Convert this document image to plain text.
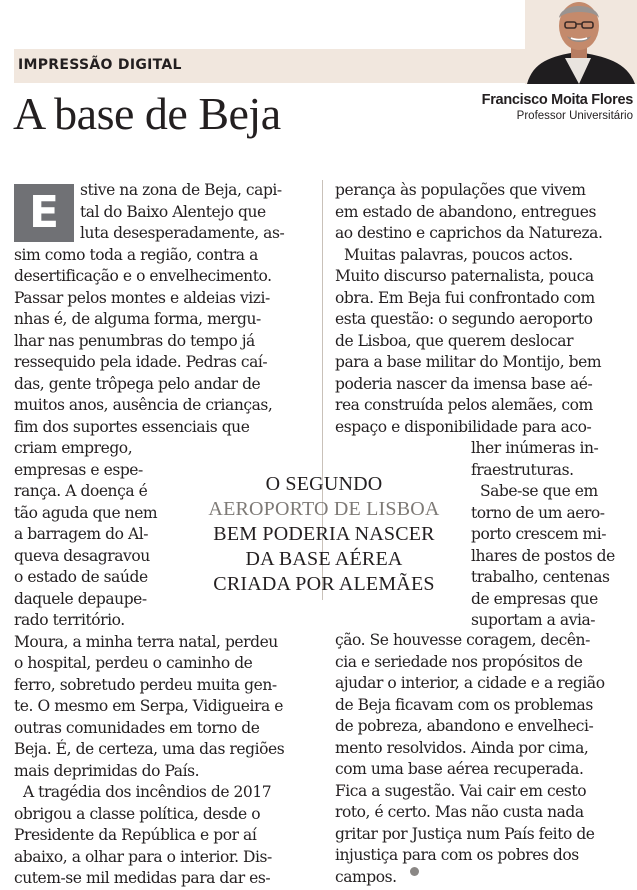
IMPRESSÃO DIGITAL

A base de Beja	Francisco Moita Flores

Professor Universitário

E	stive na zona de Beja, capi-
tal do Baixo Alentejo que
luta desesperadamente, as-
sim como toda a região, contra a
desertificação e o envelhecimento.
Passar pelos montes e aldeias vizi-
nhas é, de alguma forma, mergu-
lhar nas penumbras do tempo já
ressequido pela idade. Pedras caí-
das, gente trôpega pelo andar de
muitos anos, ausência de crianças,
fim dos suportes essenciais que
criam emprego,
empresas e espe-
rança. A doença é
tão aguda que nem
a barragem do Al-
queva desagravou
o estado de saúde
daquele depaupe-
rado território.
Moura, a minha terra natal, perdeu
o hospital, perdeu o caminho de
ferro, sobretudo perdeu muita gen-
te. O mesmo em Serpa, Vidigueira e
outras comunidades em torno de
Beja. É, de certeza, uma das regiões
mais deprimidas do País.
A tragédia dos incêndios de 2017
obrigou a classe política, desde o
Presidente da República e por aí
abaixo, a olhar para o interior. Dis-
cutem-se mil medidas para dar es-
perança às populações que vivem
em estado de abandono, entregues
ao destino e caprichos da Natureza.
Muitas palavras, poucos actos.
Muito discurso paternalista, pouca
obra. Em Beja fui confrontado com
esta questão: o segundo aeroporto
de Lisboa, que querem deslocar
para a base militar do Montijo, bem
poderia nascer da imensa base aé-
rea construída pelos alemães, com
espaço e disponibilidade para aco-
lher inúmeras in-
fraestruturas.
Sabe-se que em
torno de um aero-
porto crescem mi-
lhares de postos de
trabalho, centenas
de empresas que
suportam a avia-
ção. Se houvesse coragem, decên-
cia e seriedade nos propósitos de
ajudar o interior, a cidade e a região
de Beja ficavam com os problemas
de pobreza, abandono e envelheci-
mento resolvidos. Ainda por cima,
com uma base aérea recuperada.
Fica a sugestão. Vai cair em cesto
roto, é certo. Mas não custa nada
gritar por Justiça num País feito de
injustiça para com os pobres dos
campos.
O SEGUNDO
AEROPORTO DE LISBOA
BEM PODERIA NASCER
DA BASE AÉREA
CRIADA POR ALEMÃES
